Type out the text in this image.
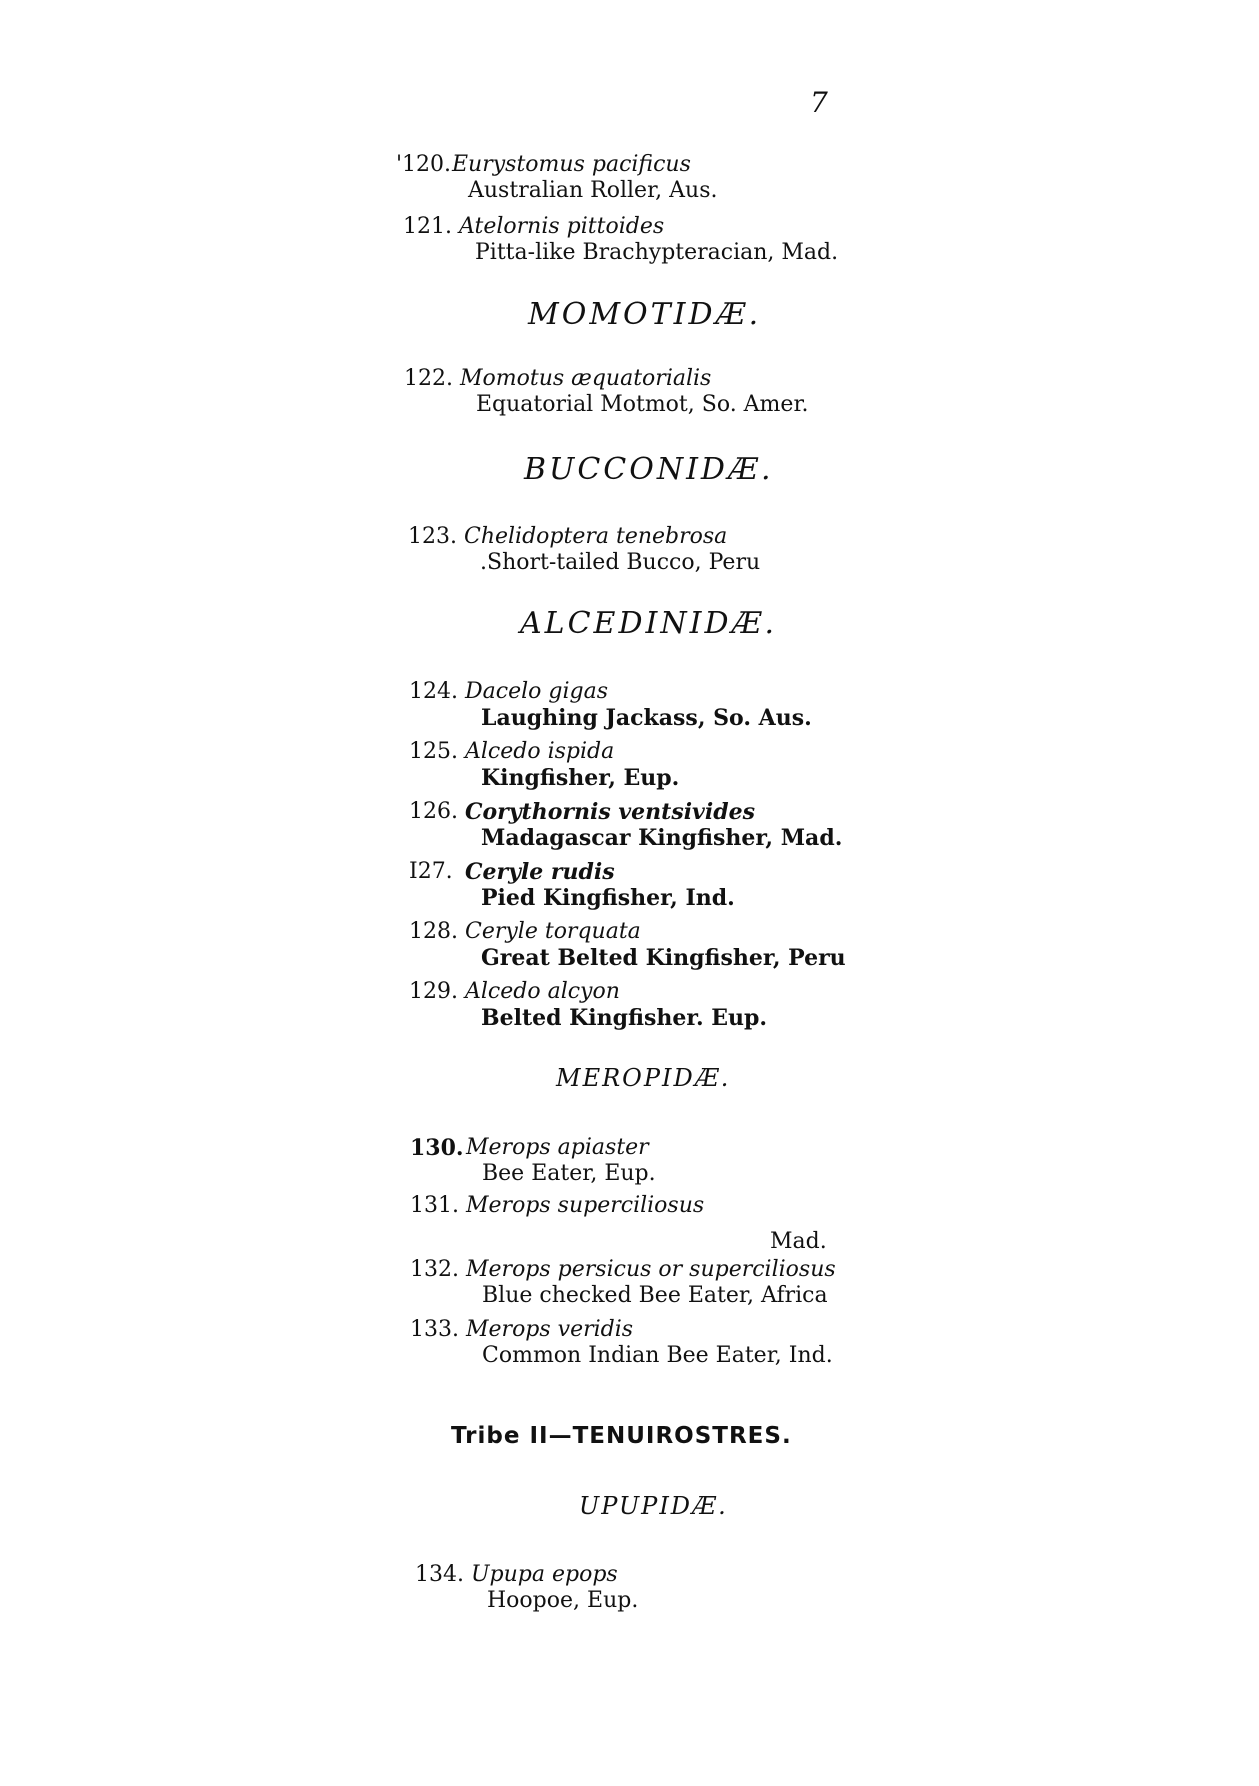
7
'120. Eurystomus pacificus
Australian Roller, Aus.
121. Atelornis pittoides
Pitta-like Brachypteracian, Mad.
MOMOTIDÆ.
122. Momotus æquatorialis
Equatorial Motmot, So. Amer.
BUCCONIDÆ.
123. Chelidoptera tenebrosa
.Short-tailed Bucco, Peru
ALCEDINIDÆ.
124. Dacelo gigas
Laughing Jackass, So. Aus.
125. Alcedo ispida
Kingfisher, Eup.
126. Corythornis ventsivides
Madagascar Kingfisher, Mad.
I27. Ceryle rudis
Pied Kingfisher, Ind.
128. Ceryle torquata
Great Belted Kingfisher, Peru
129. Alcedo alcyon
Belted Kingfisher. Eup.
MEROPIDÆ.
130. Merops apiaster
Bee Eater, Eup.
131. Merops superciliosus
Mad.
132. Merops persicus or superciliosus
Blue checked Bee Eater, Africa
133. Merops veridis
Common Indian Bee Eater, Ind.
Tribe II—TENUIROSTRES.
UPUPIDÆ.
134. Upupa epops
Hoopoe, Eup.
